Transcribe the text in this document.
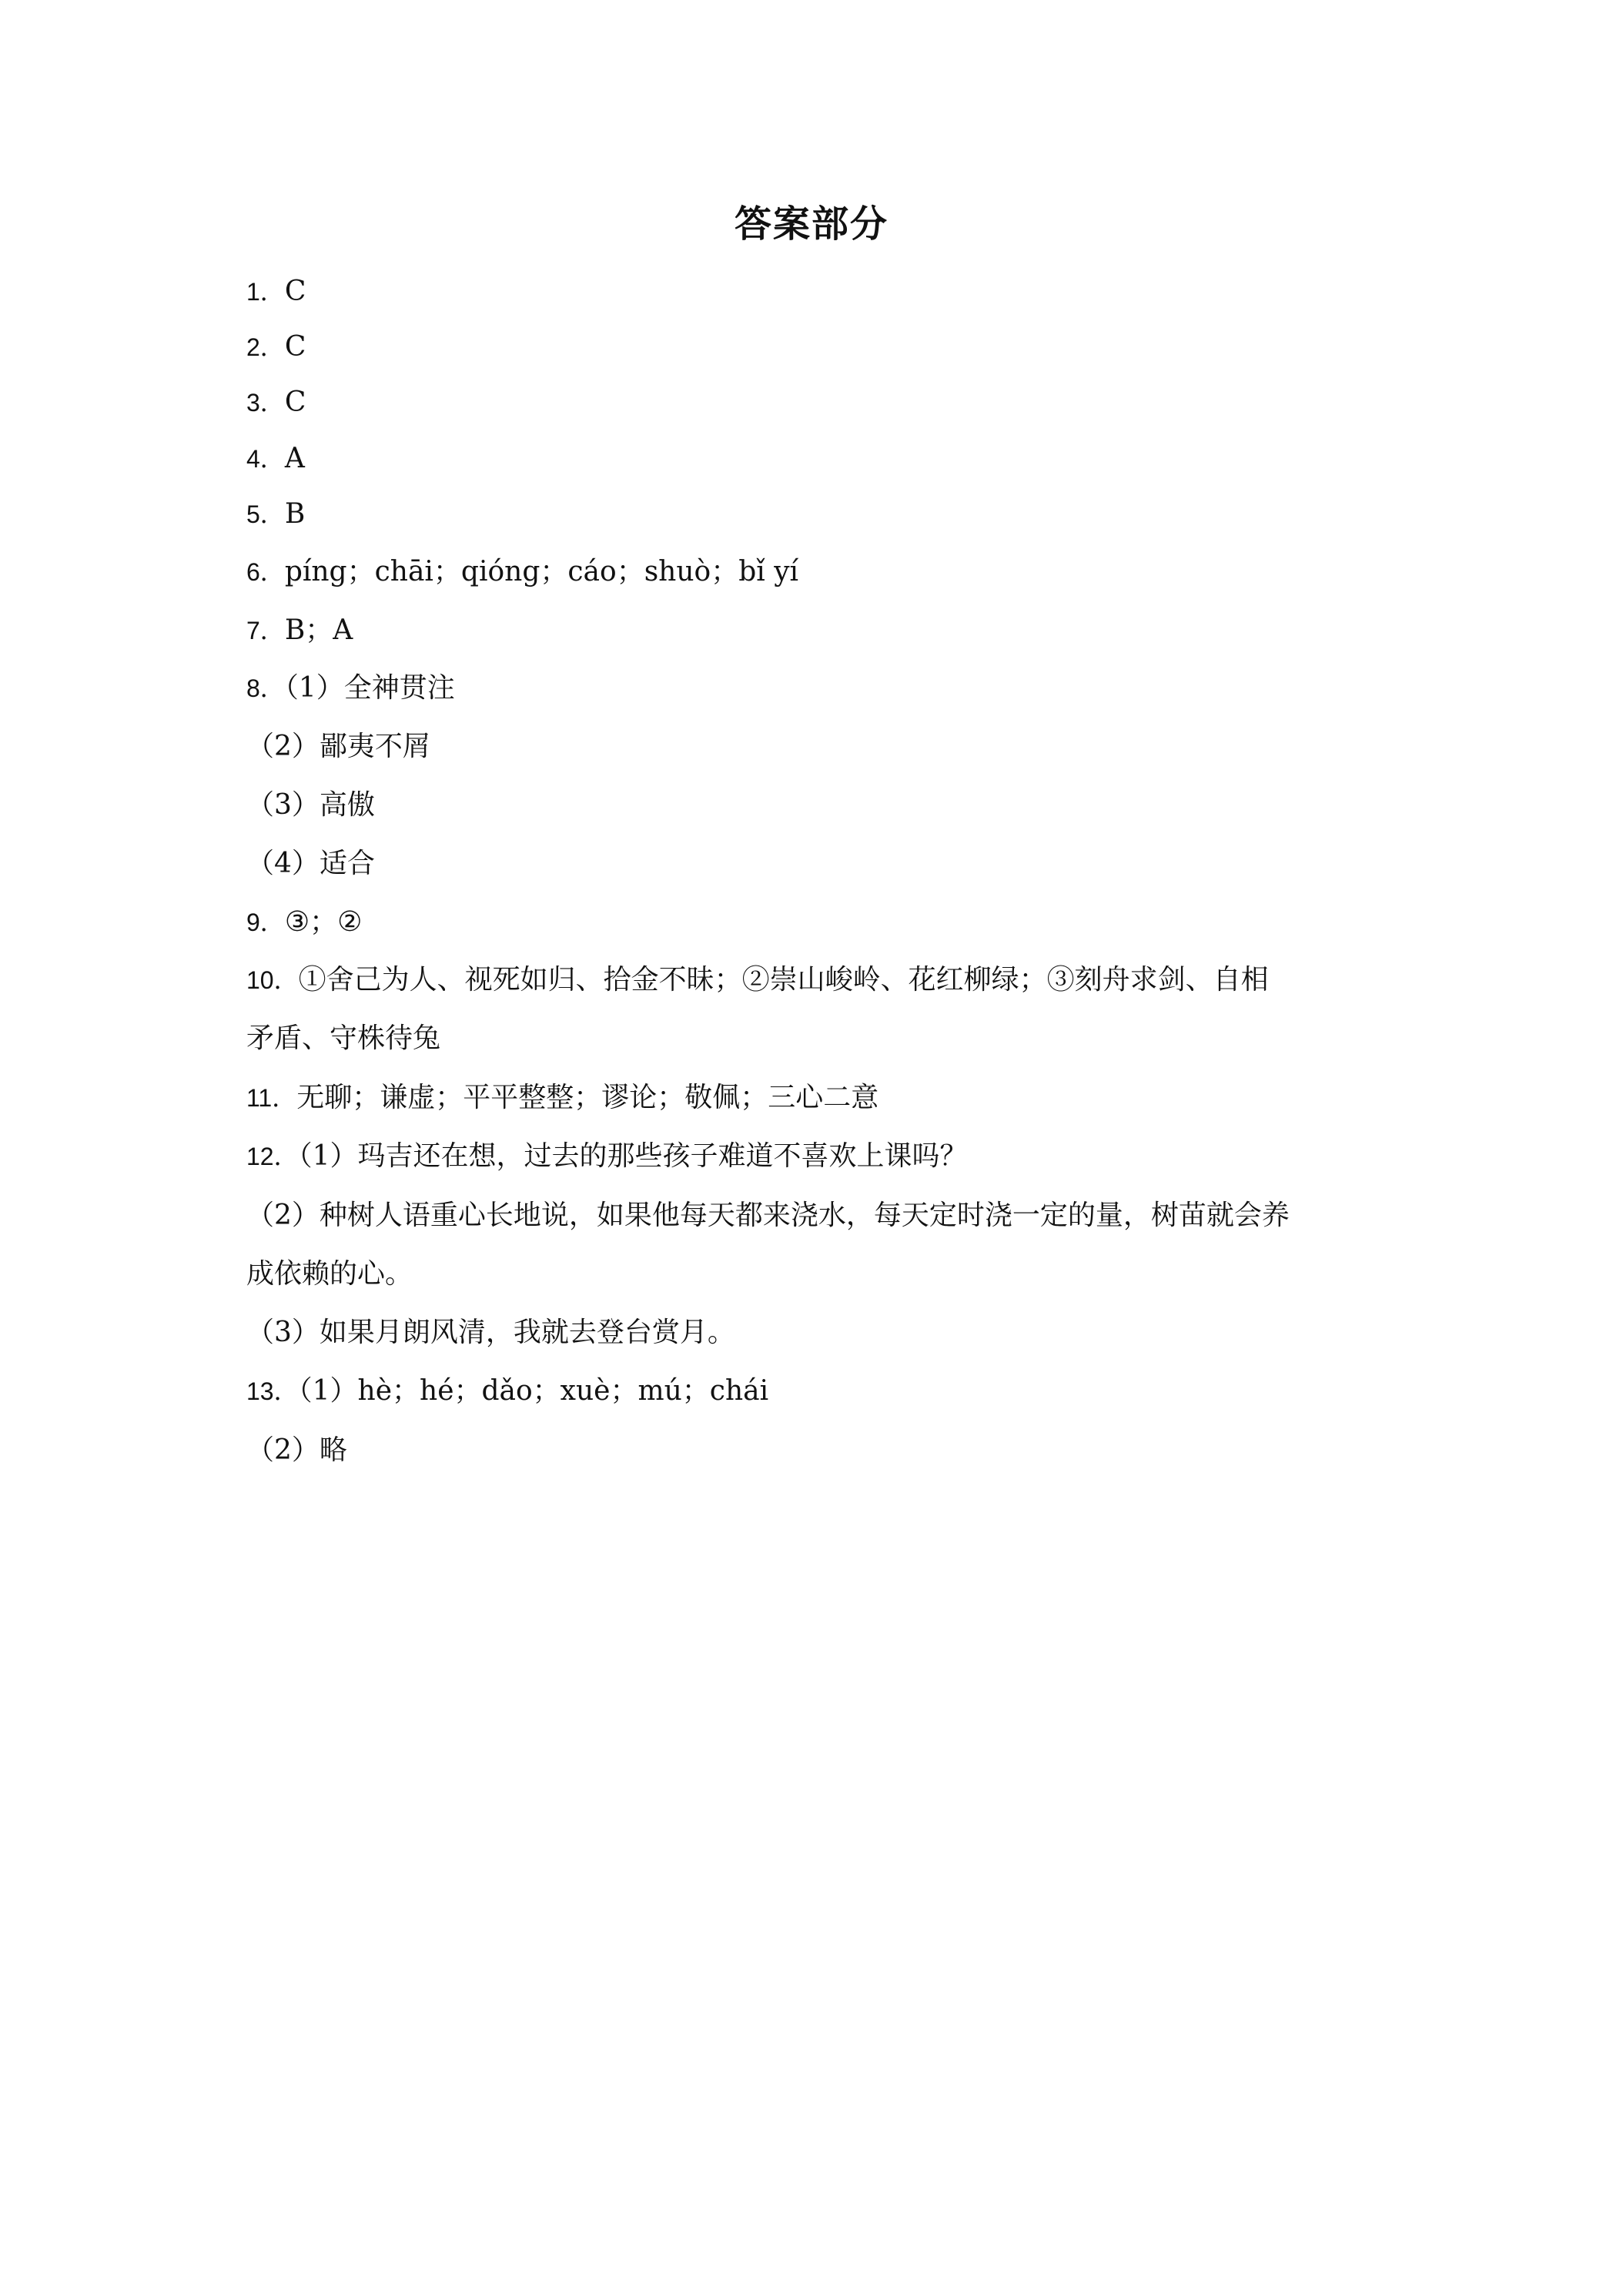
答案部分
1．C
2．C
3．C
4．A
5．B
6．píng；chāi；qióng；cáo；shuò；bǐ yí
7．B；A
8．（1）全神贯注
（2）鄙夷不屑
（3）高傲
（4）适合
9．③；②
10．①舍己为人、视死如归、拾金不昧；②崇山峻岭、花红柳绿；③刻舟求剑、自相
矛盾、守株待兔
11．无聊；谦虚；平平整整；谬论；敬佩；三心二意
12．（1）玛吉还在想，过去的那些孩子难道不喜欢上课吗？
（2）种树人语重心长地说，如果他每天都来浇水，每天定时浇一定的量，树苗就会养
成依赖的心。
（3）如果月朗风清，我就去登台赏月。
13．（1）hè；hé；dǎo；xuè；mú；chái
（2）略
